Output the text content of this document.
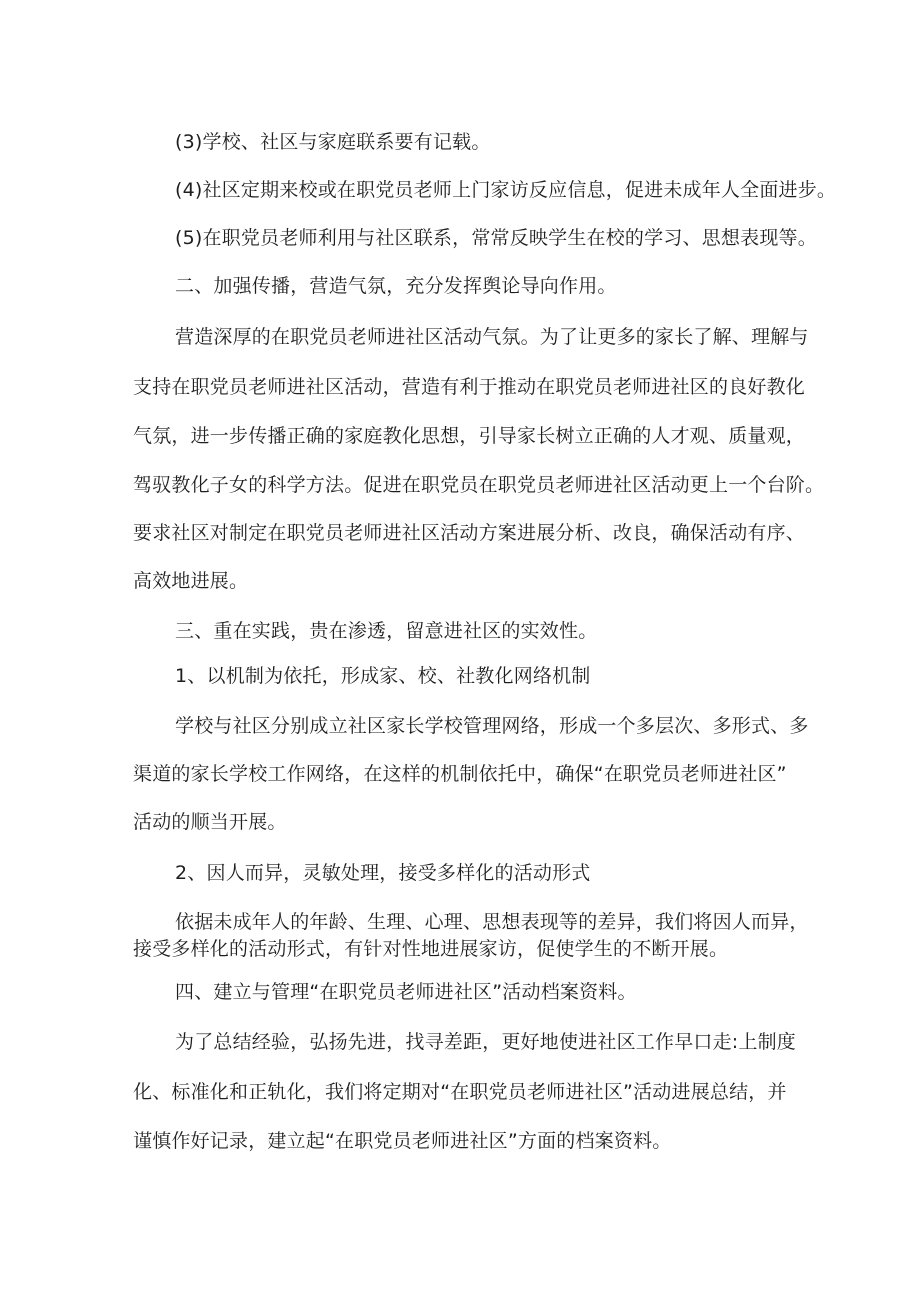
(3)学校、社区与家庭联系要有记载。

(4)社区定期来校或在职党员老师上门家访反应信息，促进未成年人全面进步。

(5)在职党员老师利用与社区联系，常常反映学生在校的学习、思想表现等。

二、加强传播，营造气氛，充分发挥舆论导向作用。

营造深厚的在职党员老师进社区活动气氛。为了让更多的家长了解、理解与

支持在职党员老师进社区活动，营造有利于推动在职党员老师进社区的良好教化

气氛，进一步传播正确的家庭教化思想，引导家长树立正确的人才观、质量观，

驾驭教化子女的科学方法。促进在职党员在职党员老师进社区活动更上一个台阶。

要求社区对制定在职党员老师进社区活动方案进展分析、改良，确保活动有序、

高效地进展。

三、重在实践，贵在渗透，留意进社区的实效性。

1、以机制为依托，形成家、校、社教化网络机制

学校与社区分别成立社区家长学校管理网络，形成一个多层次、多形式、多

渠道的家长学校工作网络，在这样的机制依托中，确保“在职党员老师进社区”

活动的顺当开展。

2、因人而异，灵敏处理，接受多样化的活动形式

依据未成年人的年龄、生理、心理、思想表现等的差异，我们将因人而异，

接受多样化的活动形式，有针对性地进展家访，促使学生的不断开展。

四、建立与管理“在职党员老师进社区”活动档案资料。

为了总结经验，弘扬先进，找寻差距，更好地使进社区工作早口走:上制度

化、标准化和正轨化，我们将定期对“在职党员老师进社区”活动进展总结，并

谨慎作好记录，建立起“在职党员老师进社区”方面的档案资料。
